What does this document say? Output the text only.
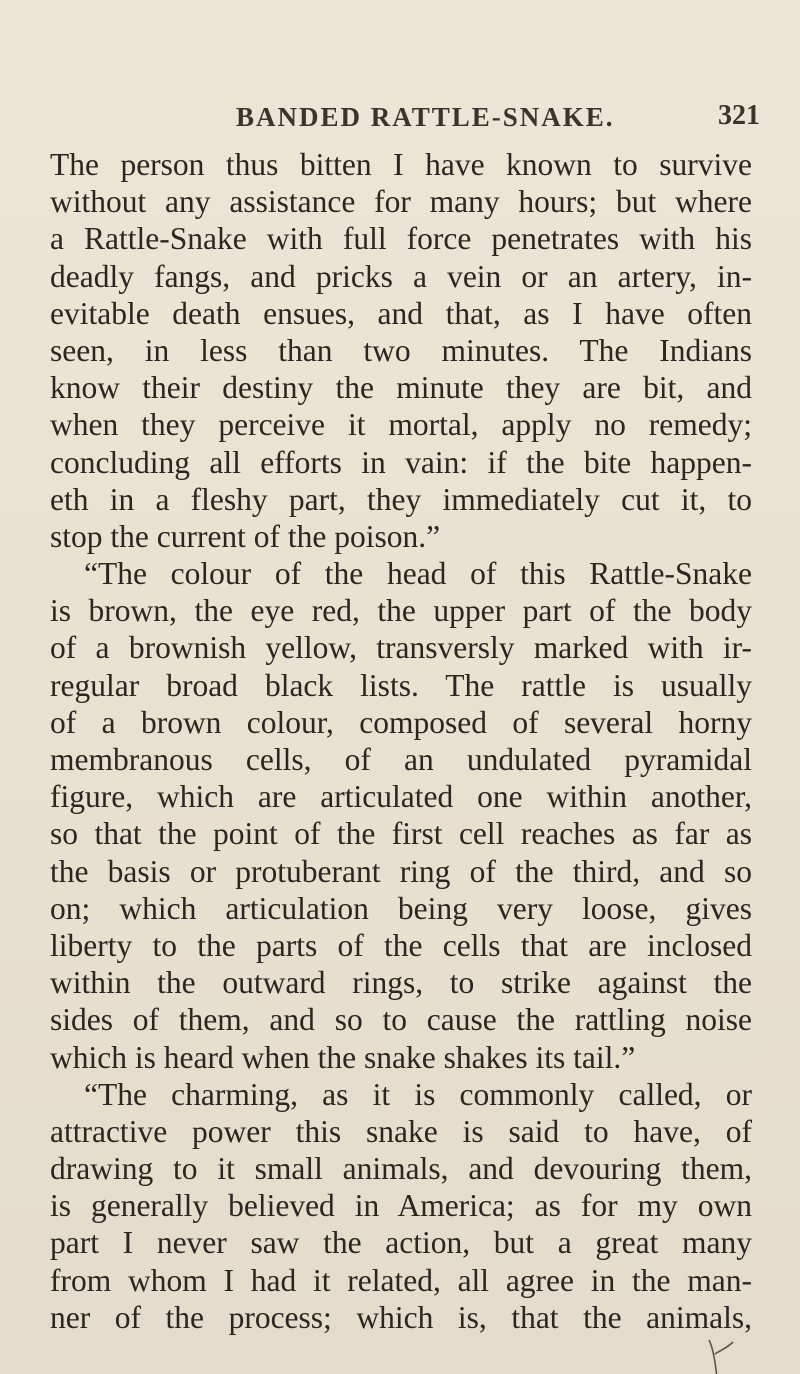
BANDED RATTLE-SNAKE.	321
The person thus bitten I have known to survive
without any assistance for many hours; but where
a Rattle-Snake with full force penetrates with his
deadly fangs, and pricks a vein or an artery, in-
evitable death ensues, and that, as I have often
seen, in less than two minutes. The Indians
know their destiny the minute they are bit, and
when they perceive it mortal, apply no remedy;
concluding all efforts in vain: if the bite happen-
eth in a fleshy part, they immediately cut it, to
stop the current of the poison.”
“The colour of the head of this Rattle-Snake
is brown, the eye red, the upper part of the body
of a brownish yellow, transversly marked with ir-
regular broad black lists. The rattle is usually
of a brown colour, composed of several horny
membranous cells, of an undulated pyramidal
figure, which are articulated one within another,
so that the point of the first cell reaches as far as
the basis or protuberant ring of the third, and so
on; which articulation being very loose, gives
liberty to the parts of the cells that are inclosed
within the outward rings, to strike against the
sides of them, and so to cause the rattling noise
which is heard when the snake shakes its tail.”
“The charming, as it is commonly called, or
attractive power this snake is said to have, of
drawing to it small animals, and devouring them,
is generally believed in America; as for my own
part I never saw the action, but a great many
from whom I had it related, all agree in the man-
ner of the process; which is, that the animals,
